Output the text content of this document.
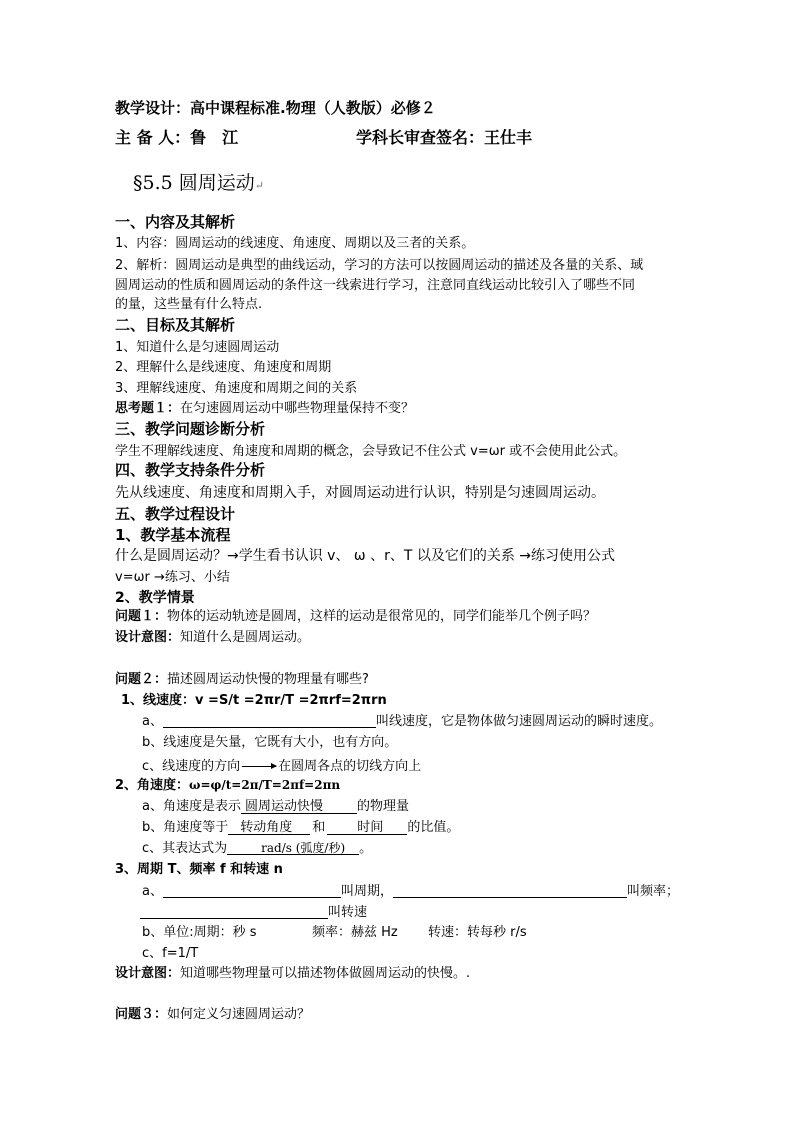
教学设计：高中课程标准.物理（人教版）必修２
主 备 人：鲁　江	学科长审查签名：王仕丰
§5.5 圆周运动↵
一、内容及其解析
1、内容：圆周运动的线速度、角速度、周期以及三者的关系。
2、解析：圆周运动是典型的曲线运动，学习的方法可以按圆周运动的描述及各量的关系、琙
圆周运动的性质和圆周运动的条件这一线索进行学习，注意同直线运动比较引入了哪些不同
的量，这些量有什么特点.
二、目标及其解析
1、知道什么是匀速圆周运动
2、理解什么是线速度、角速度和周期
3、理解线速度、角速度和周期之间的关系
思考题１：在匀速圆周运动中哪些物理量保持不变？
三、教学问题诊断分析
学生不理解线速度、角速度和周期的概念，会导致记不住公式 v=ωr 或不会使用此公式。
四、教学支持条件分析
先从线速度、角速度和周期入手，对圆周运动进行认识，特别是匀速圆周运动。
五、教学过程设计
1、教学基本流程
什么是圆周运动？→学生看书认识 v、 ω 、r、T 以及它们的关系 →练习使用公式
v=ωr →练习、小结
2、教学情景
问题１：物体的运动轨迹是圆周，这样的运动是很常见的，同学们能举几个例子吗？
设计意图：知道什么是圆周运动。
问题２：描述圆周运动快慢的物理量有哪些?
1、线速度：v =S/t =2πr/T =2πrf=2πrn
a、	叫线速度，它是物体做匀速圆周运动的瞬时速度。
b、线速度是矢量，它既有大小，也有方向。
c、线速度的方向	在圆周各点的切线方向上
2、角速度：ω=φ/t=2π/T=2πf=2πn
a、角速度是表示 圆周运动快慢	的物理量
b、角速度等于 转动角度 和 时间 的比值。
c、其表达式为	rad/s (弧度/秒) 。
3、周期 T、频率 f 和转速 n
a、	叫周期，	叫频率；
叫转速
b、单位:周期：秒 s	频率：赫兹 Hz 转速：转每秒 r/s
c、f=1/T
设计意图：知道哪些物理量可以描述物体做圆周运动的快慢。.
问题３：如何定义匀速圆周运动？
